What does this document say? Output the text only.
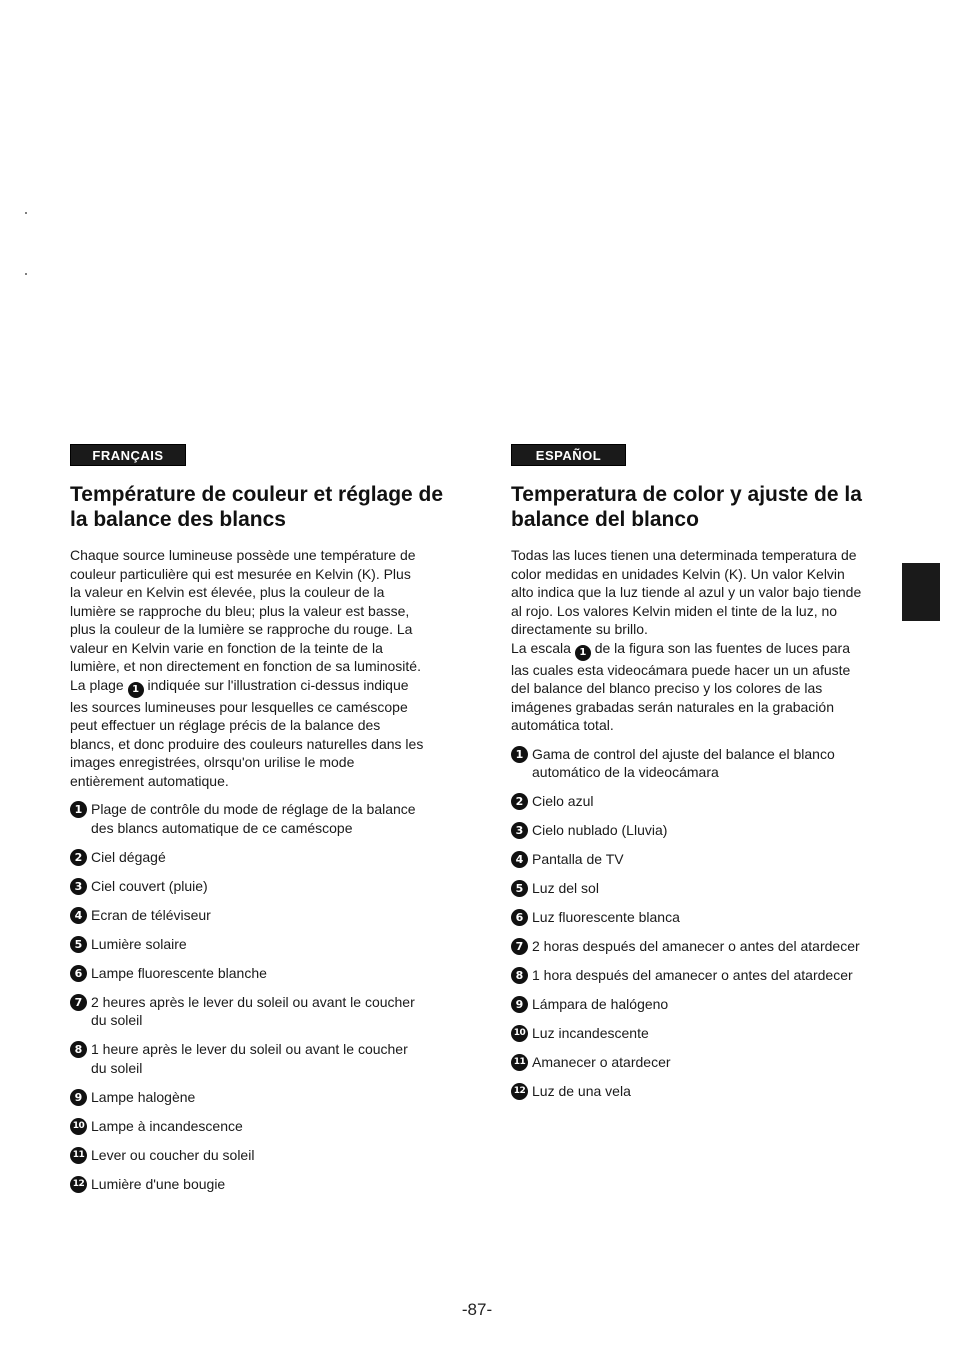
FRANÇAIS
Température de couleur et réglage de la balance des blancs

Chaque source lumineuse possède une température de
couleur particulière qui est mesurée en Kelvin (K). Plus
la valeur en Kelvin est élevée, plus la couleur de la
lumière se rapproche du bleu; plus la valeur est basse,
plus la couleur de la lumière se rapproche du rouge. La
valeur en Kelvin varie en fonction de la teinte de la
lumière, et non directement en fonction de sa luminosité.
La plage 1 indiquée sur l'illustration ci-dessus indique
les sources lumineuses pour lesquelles ce caméscope
peut effectuer un réglage précis de la balance des
blancs, et donc produire des couleurs naturelles dans les
images enregistrées, olrsqu'on urilise le mode
entièrement automatique.

1 Plage de contrôle du mode de réglage de la balance
des blancs automatique de ce caméscope
2 Ciel dégagé
3 Ciel couvert (pluie)
4 Ecran de téléviseur
5 Lumière solaire
6 Lampe fluorescente blanche
7 2 heures après le lever du soleil ou avant le coucher
du soleil
8 1 heure après le lever du soleil ou avant le coucher
du soleil
9 Lampe halogène
10 Lampe à incandescence
11 Lever ou coucher du soleil
12 Lumière d'une bougie
ESPAÑOL
Temperatura de color y ajuste de la balance del blanco

Todas las luces tienen una determinada temperatura de
color medidas en unidades Kelvin (K). Un valor Kelvin
alto indica que la luz tiende al azul y un valor bajo tiende
al rojo. Los valores Kelvin miden el tinte de la luz, no
directamente su brillo.

La escala 1 de la figura son las fuentes de luces para
las cuales esta videocámara puede hacer un un afuste
del balance del blanco preciso y los colores de las
imágenes grabadas serán naturales en la grabación
automática total.

1 Gama de control del ajuste del balance el blanco
automático de la videocámara
2 Cielo azul
3 Cielo nublado (Lluvia)
4 Pantalla de TV
5 Luz del sol
6 Luz fluorescente blanca
7 2 horas después del amanecer o antes del atardecer
8 1 hora después del amanecer o antes del atardecer
9 Lámpara de halógeno
10 Luz incandescente
11 Amanecer o atardecer
12 Luz de una vela
-87-
